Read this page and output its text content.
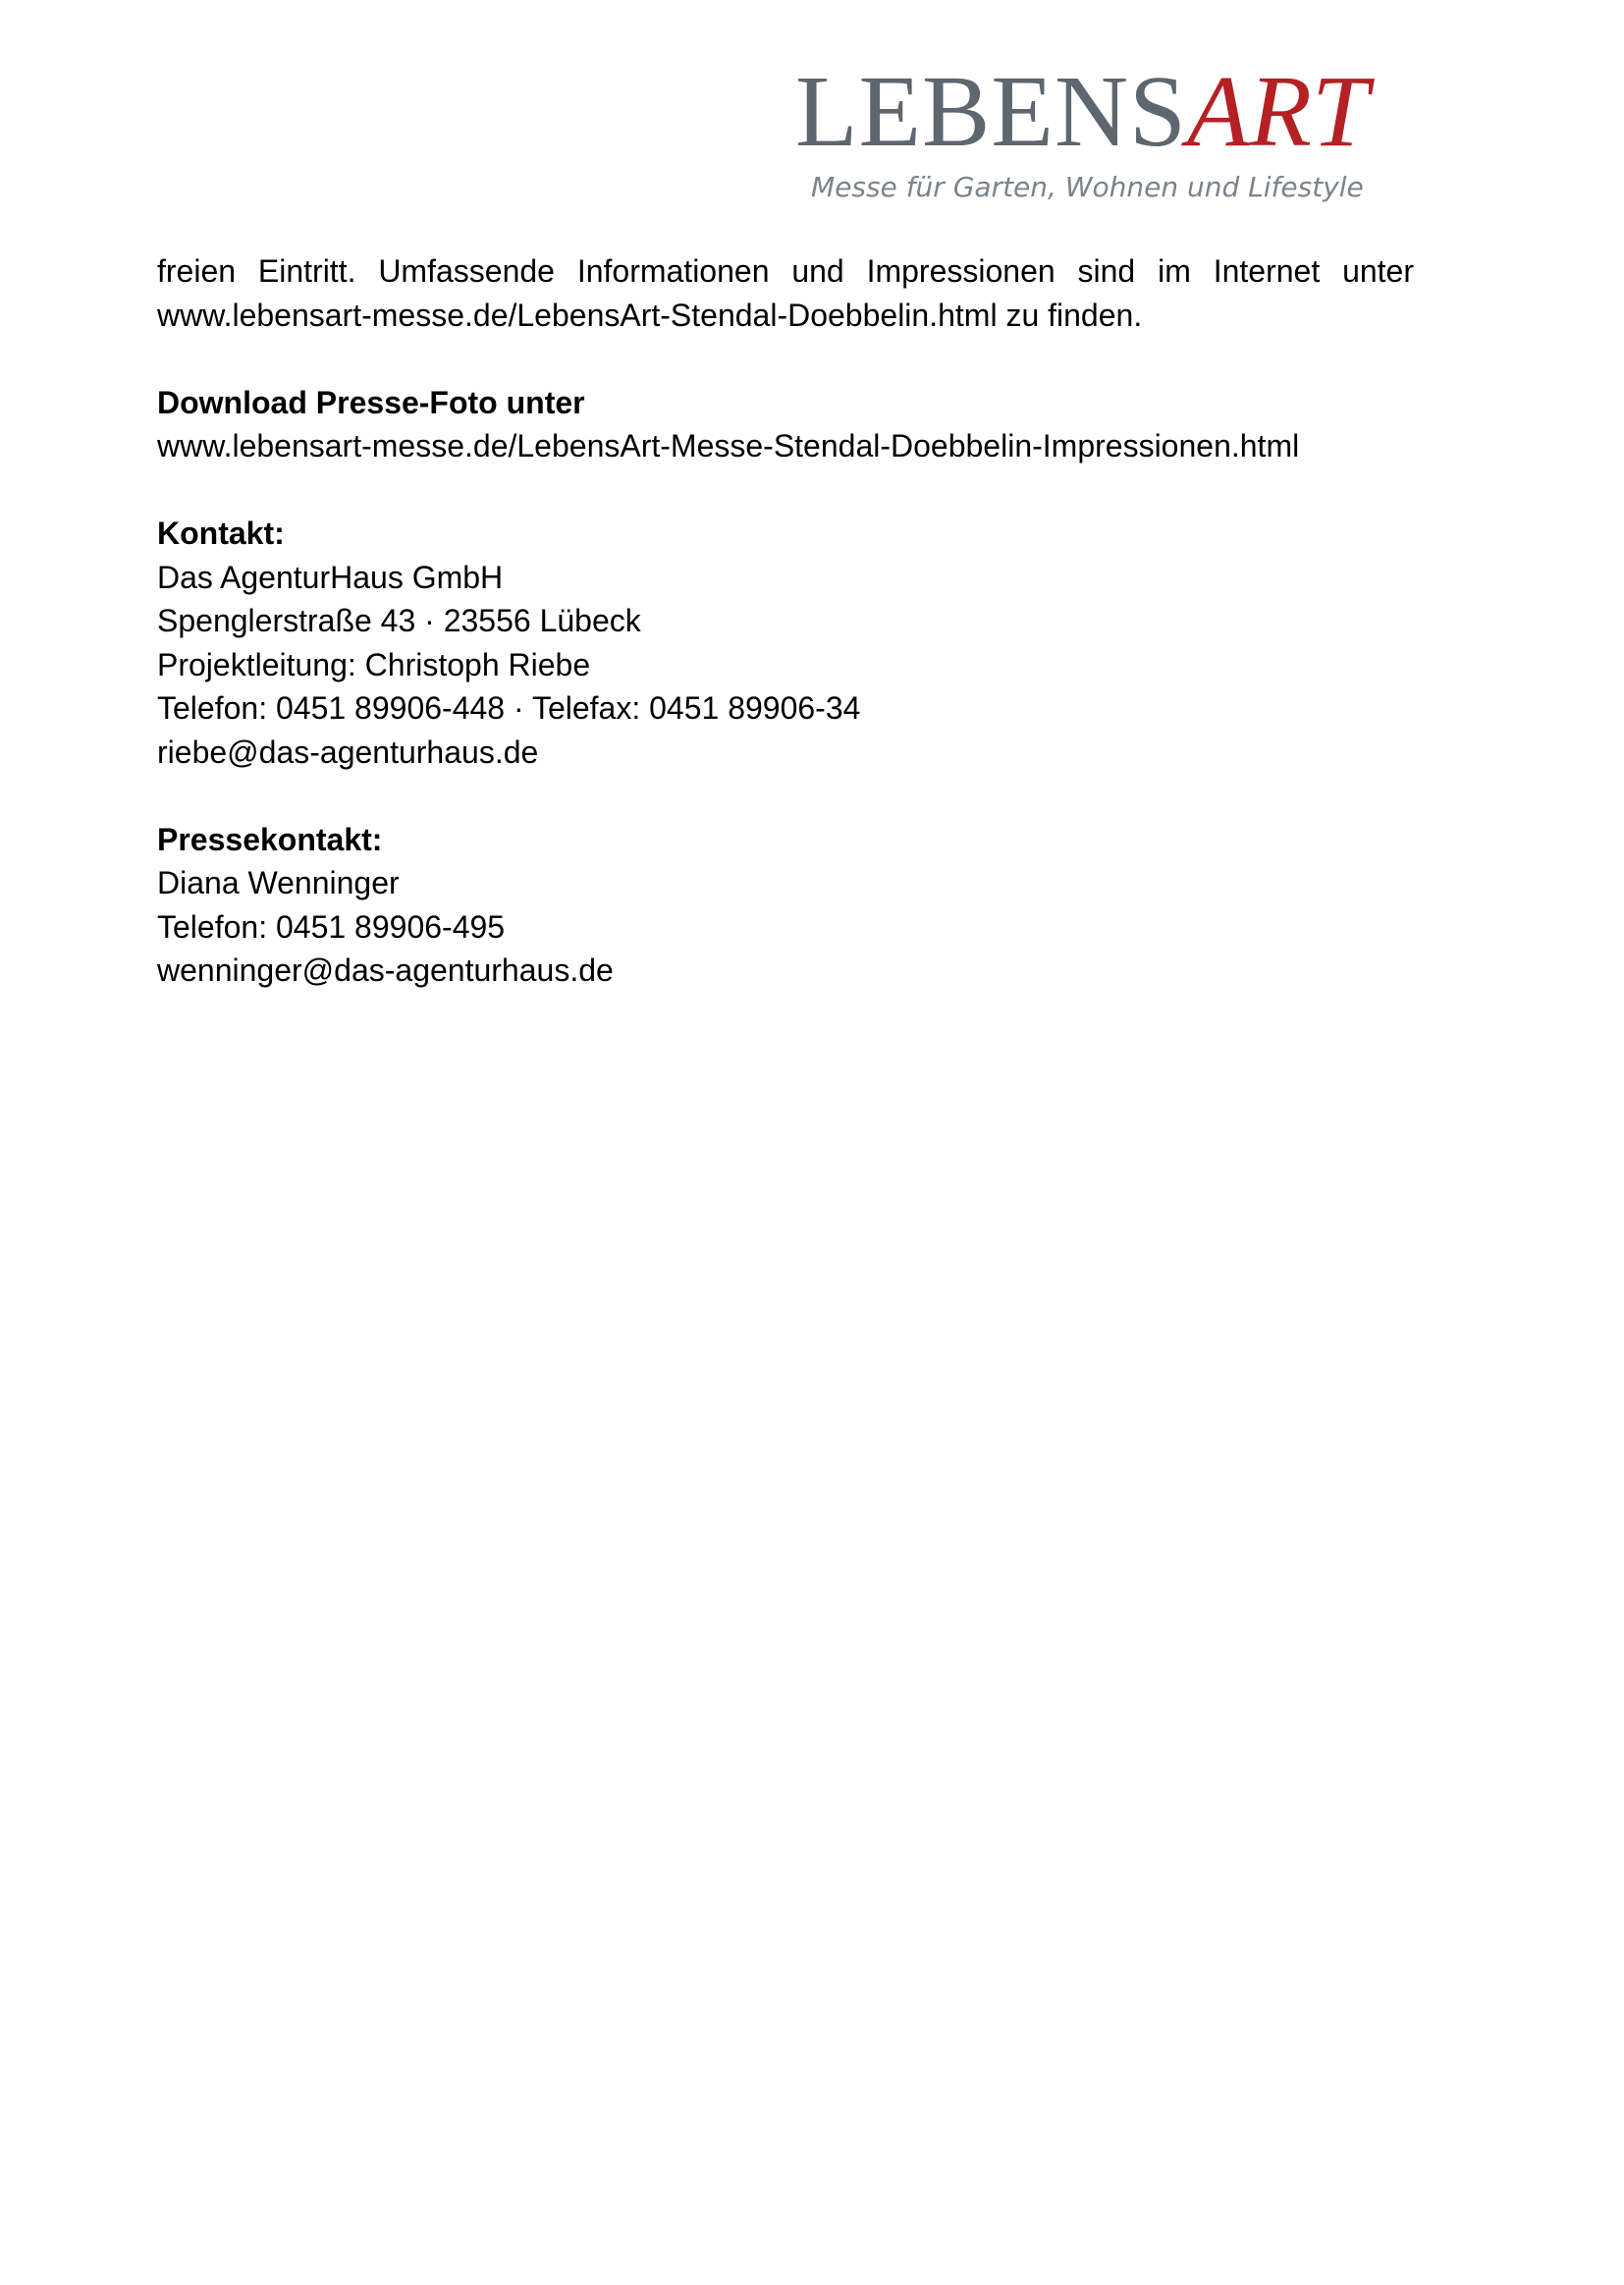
LEBENSART
Messe für Garten, Wohnen und Lifestyle

freien Eintritt. Umfassende Informationen und Impressionen sind im Internet unter

www.lebensart-messe.de/LebensArt-Stendal-Doebbelin.html zu finden.

Download Presse-Foto unter

www.lebensart-messe.de/LebensArt-Messe-Stendal-Doebbelin-Impressionen.html

Kontakt:

Das AgenturHaus GmbH

Spenglerstraße 43 · 23556 Lübeck

Projektleitung: Christoph Riebe

Telefon: 0451 89906-448 · Telefax: 0451 89906-34

riebe@das-agenturhaus.de

Pressekontakt:

Diana Wenninger

Telefon: 0451 89906-495

wenninger@das-agenturhaus.de
